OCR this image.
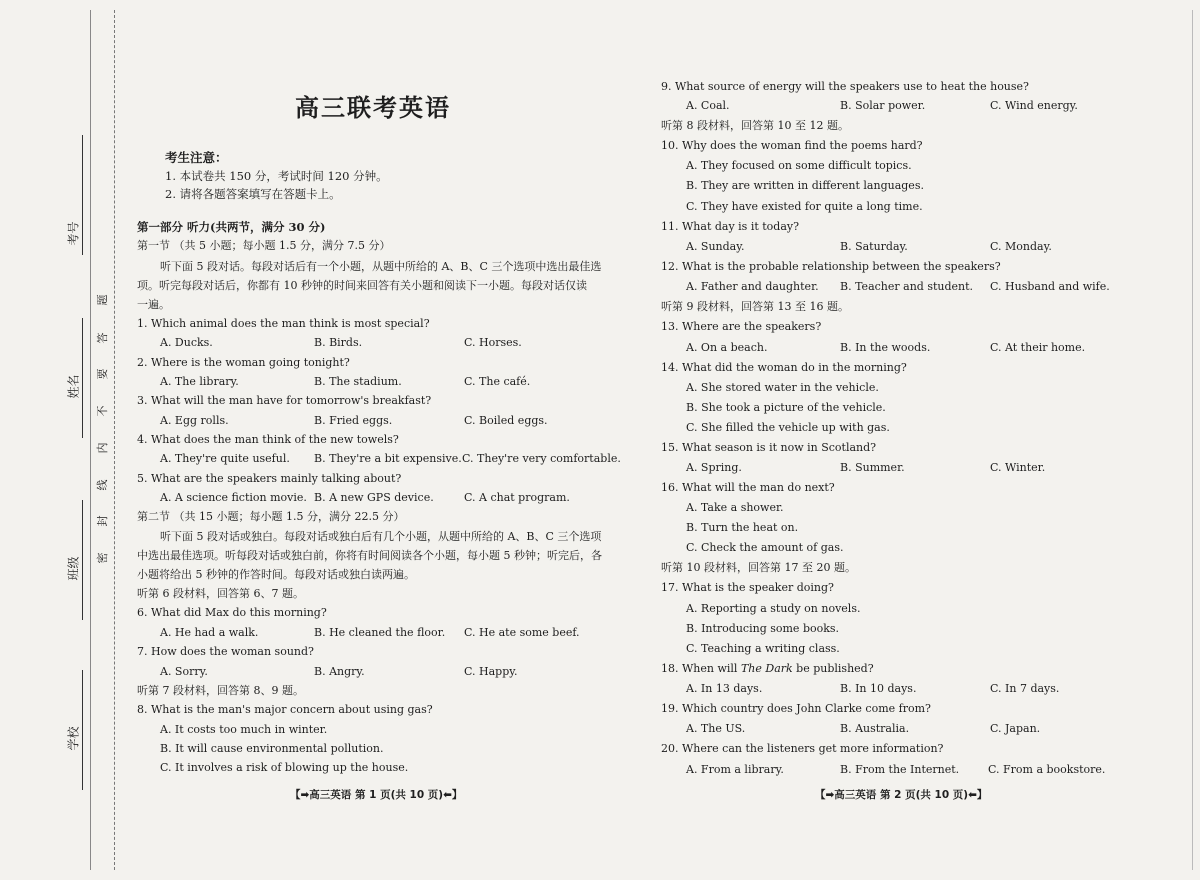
考号
姓名
班级
学校
题
答
要
不
内
线
封
密
高三联考英语
考生注意：
1. 本试卷共 150 分，考试时间 120 分钟。
2. 请将各题答案填写在答题卡上。
第一部分 听力(共两节，满分 30 分)
第一节 （共 5 小题；每小题 1.5 分，满分 7.5 分）
听下面 5 段对话。每段对话后有一个小题，从题中所给的 A、B、C 三个选项中选出最佳选
项。听完每段对话后，你都有 10 秒钟的时间来回答有关小题和阅读下一小题。每段对话仅读
一遍。
1. Which animal does the man think is most special?
A. Ducks.	B. Birds.	C. Horses.
2. Where is the woman going tonight?
A. The library.	B. The stadium.	C. The café.
3. What will the man have for tomorrow's breakfast?
A. Egg rolls.	B. Fried eggs.	C. Boiled eggs.
4. What does the man think of the new towels?
A. They're quite useful. B. They're a bit expensive. C. They're very comfortable.
5. What are the speakers mainly talking about?
A. A science fiction movie. B. A new GPS device.	C. A chat program.
第二节 （共 15 小题；每小题 1.5 分，满分 22.5 分）
听下面 5 段对话或独白。每段对话或独白后有几个小题，从题中所给的 A、B、C 三个选项
中选出最佳选项。听每段对话或独白前，你将有时间阅读各个小题，每小题 5 秒钟；听完后，各
小题将给出 5 秒钟的作答时间。每段对话或独白读两遍。
听第 6 段材料，回答第 6、7 题。
6. What did Max do this morning?
A. He had a walk.	B. He cleaned the floor. C. He ate some beef.
7. How does the woman sound?
A. Sorry.	B. Angry.	C. Happy.
听第 7 段材料，回答第 8、9 题。
8. What is the man's major concern about using gas?
A. It costs too much in winter.
B. It will cause environmental pollution.
C. It involves a risk of blowing up the house.
【➡高三英语 第 1 页(共 10 页)⬅】
9. What source of energy will the speakers use to heat the house?
A. Coal.	B. Solar power.	C. Wind energy.
听第 8 段材料，回答第 10 至 12 题。
10. Why does the woman find the poems hard?
A. They focused on some difficult topics.
B. They are written in different languages.
C. They have existed for quite a long time.
11. What day is it today?
A. Sunday.	B. Saturday.	C. Monday.
12. What is the probable relationship between the speakers?
A. Father and daughter. B. Teacher and student. C. Husband and wife.
听第 9 段材料，回答第 13 至 16 题。
13. Where are the speakers?
A. On a beach.	B. In the woods.	C. At their home.
14. What did the woman do in the morning?
A. She stored water in the vehicle.
B. She took a picture of the vehicle.
C. She filled the vehicle up with gas.
15. What season is it now in Scotland?
A. Spring.	B. Summer.	C. Winter.
16. What will the man do next?
A. Take a shower.
B. Turn the heat on.
C. Check the amount of gas.
听第 10 段材料，回答第 17 至 20 题。
17. What is the speaker doing?
A. Reporting a study on novels.
B. Introducing some books.
C. Teaching a writing class.
18. When will The Dark be published?
A. In 13 days.	B. In 10 days.	C. In 7 days.
19. Which country does John Clarke come from?
A. The US.	B. Australia.	C. Japan.
20. Where can the listeners get more information?
A. From a library.	B. From the Internet.	C. From a bookstore.
【➡高三英语 第 2 页(共 10 页)⬅】
